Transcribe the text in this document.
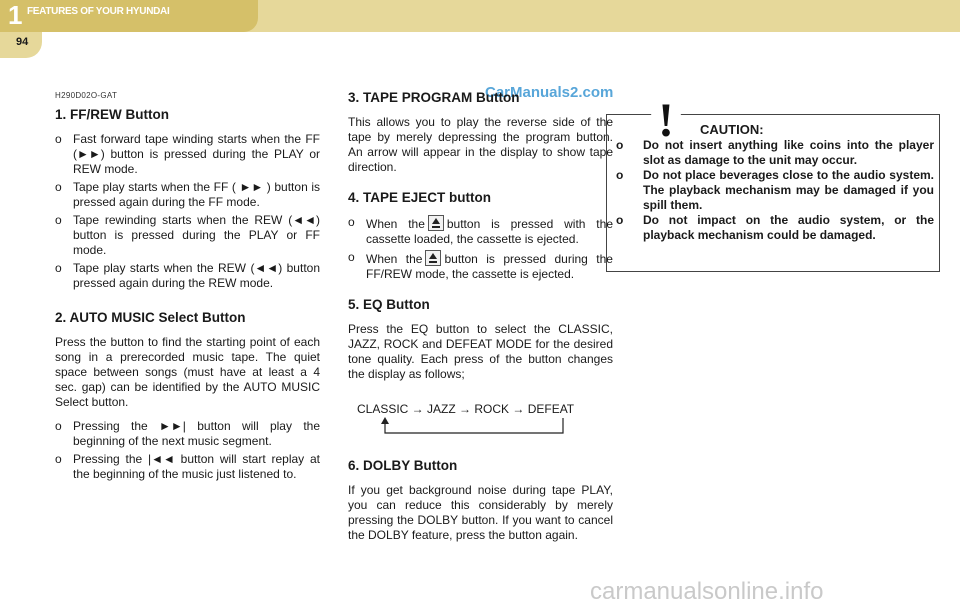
1 FEATURES OF YOUR HYUNDAI
94
CarManuals2.com
H290D02O-GAT
1. FF/REW Button
o Fast forward tape winding starts when the FF (►►) button is pressed during the PLAY or REW mode.
o Tape play starts when the FF ( ►► ) button is pressed again during the FF mode.
o Tape rewinding starts when the REW (◄◄) button is pressed during the PLAY or FF mode.
o Tape play starts when the REW (◄◄) button pressed again during the REW mode.
2. AUTO MUSIC Select Button

Press the button to find the starting point of each song in a prerecorded music tape. The quiet space between songs (must have at least a 4 sec. gap) can be identified by the AUTO MUSIC Select button.

o Pressing the ►►| button will play the beginning of the next music segment.
o Pressing the |◄◄ button will start replay at the beginning of the music just listened to.
3. TAPE PROGRAM Button

This allows you to play the reverse side of the tape by merely depressing the program button. An arrow will appear in the display to show tape direction.

4. TAPE EJECT button
o When the button is pressed with the cassette loaded, the cassette is ejected.
o When the button is pressed during the FF/REW mode, the cassette is ejected.
5. EQ Button

Press the EQ button to select the CLASSIC, JAZZ, ROCK and DEFEAT MODE for the desired tone quality. Each press of the button changes the display as follows;

CLASSIC → JAZZ → ROCK → DEFEAT
6. DOLBY Button

If you get background noise during tape PLAY, you can reduce this considerably by merely pressing the DOLBY button. If you want to cancel the DOLBY feature, press the button again.

! CAUTION:
o Do not insert anything like coins into the player slot as damage to the unit may occur.
o Do not place beverages close to the audio system. The playback mechanism may be damaged if you spill them.
o Do not impact on the audio system, or the playback mechanism could be damaged.
carmanualsonline.info
